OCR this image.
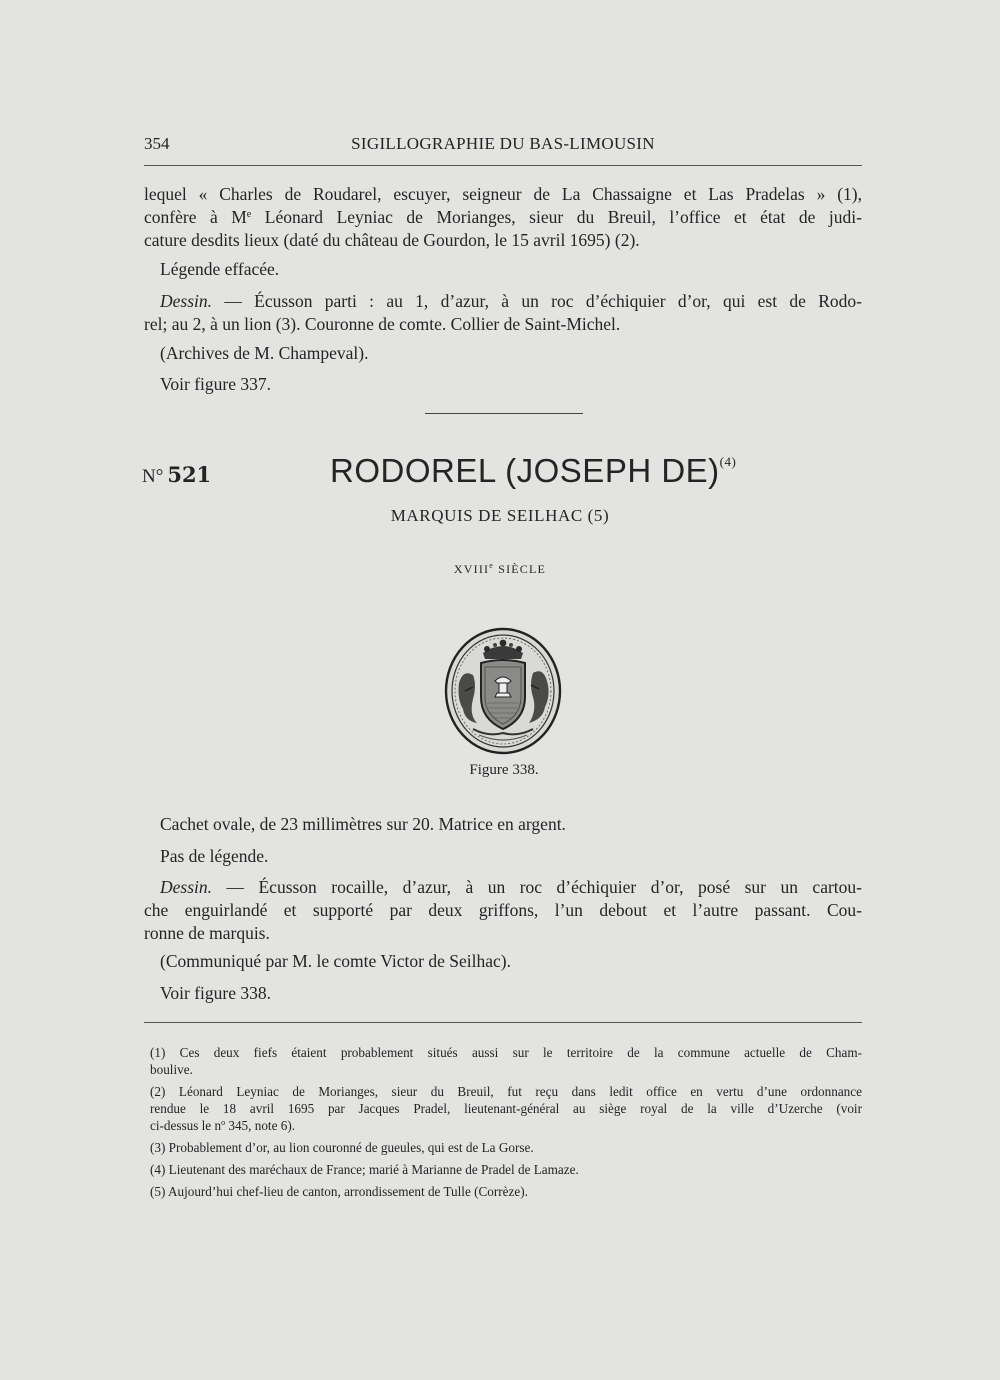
354	SIGILLOGRAPHIE DU BAS-LIMOUSIN
lequel « Charles de Roudarel, escuyer, seigneur de La Chassaigne et Las Pradelas » (1),
confère à Me Léonard Leyniac de Morianges, sieur du Breuil, l’office et état de judi-
cature desdits lieux (daté du château de Gourdon, le 15 avril 1695) (2).
Légende effacée.
Dessin. — Écusson parti : au 1, d’azur, à un roc d’échiquier d’or, qui est de Rodo-
rel; au 2, à un lion (3). Couronne de comte. Collier de Saint-Michel.
(Archives de M. Champeval).
Voir figure 337.
N° 521	RODOREL (JOSEPH DE)$^{(4)}$
MARQUIS DE SEILHAC (5)
XVIIIe SIÈCLE
Figure 338.
Cachet ovale, de 23 millimètres sur 20. Matrice en argent.
Pas de légende.
Dessin. — Écusson rocaille, d’azur, à un roc d’échiquier d’or, posé sur un cartou-
che enguirlandé et supporté par deux griffons, l’un debout et l’autre passant. Cou-
ronne de marquis.
(Communiqué par M. le comte Victor de Seilhac).
Voir figure 338.
(1) Ces deux fiefs étaient probablement situés aussi sur le territoire de la commune actuelle de Cham-
boulive.
(2) Léonard Leyniac de Morianges, sieur du Breuil, fut reçu dans ledit office en vertu d’une ordonnance
rendue le 18 avril 1695 par Jacques Pradel, lieutenant-général au siège royal de la ville d’Uzerche (voir
ci-dessus le $n^o$ 345, note 6).
(3) Probablement d’or, au lion couronné de gueules, qui est de La Gorse.
(4) Lieutenant des maréchaux de France; marié à Marianne de Pradel de Lamaze.
(5) Aujourd’hui chef-lieu de canton, arrondissement de Tulle (Corrèze).
